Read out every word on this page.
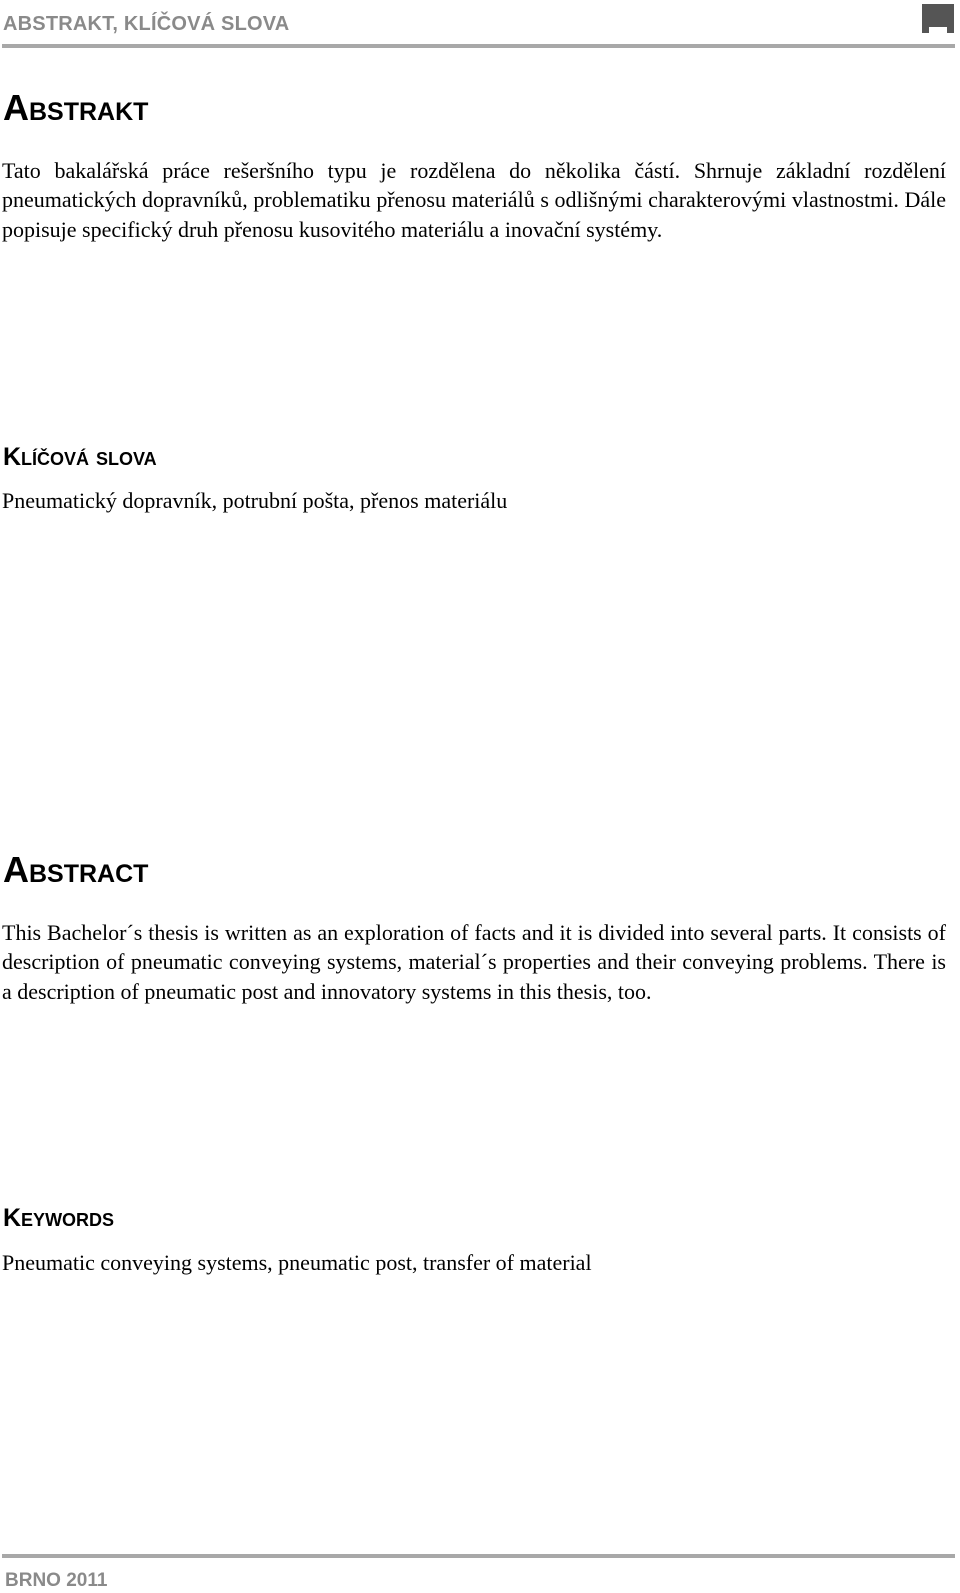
ABSTRAKT, KLÍČOVÁ SLOVA

Abstrakt

Tato bakalářská práce rešeršního typu je rozdělena do několika částí. Shrnuje základní rozdělení pneumatických dopravníků, problematiku přenosu materiálů s odlišnými charakterovými vlastnostmi. Dále popisuje specifický druh přenosu kusovitého materiálu a inovační systémy.

Klíčová slova

Pneumatický dopravník, potrubní pošta, přenos materiálu

Abstract

This Bachelor´s thesis is written as an exploration of facts and it is divided into several parts. It consists of description of pneumatic conveying systems, material´s properties and their conveying problems. There is a description of pneumatic post and innovatory systems in this thesis, too.

Keywords

Pneumatic conveying systems, pneumatic post, transfer of material

BRNO 2011
